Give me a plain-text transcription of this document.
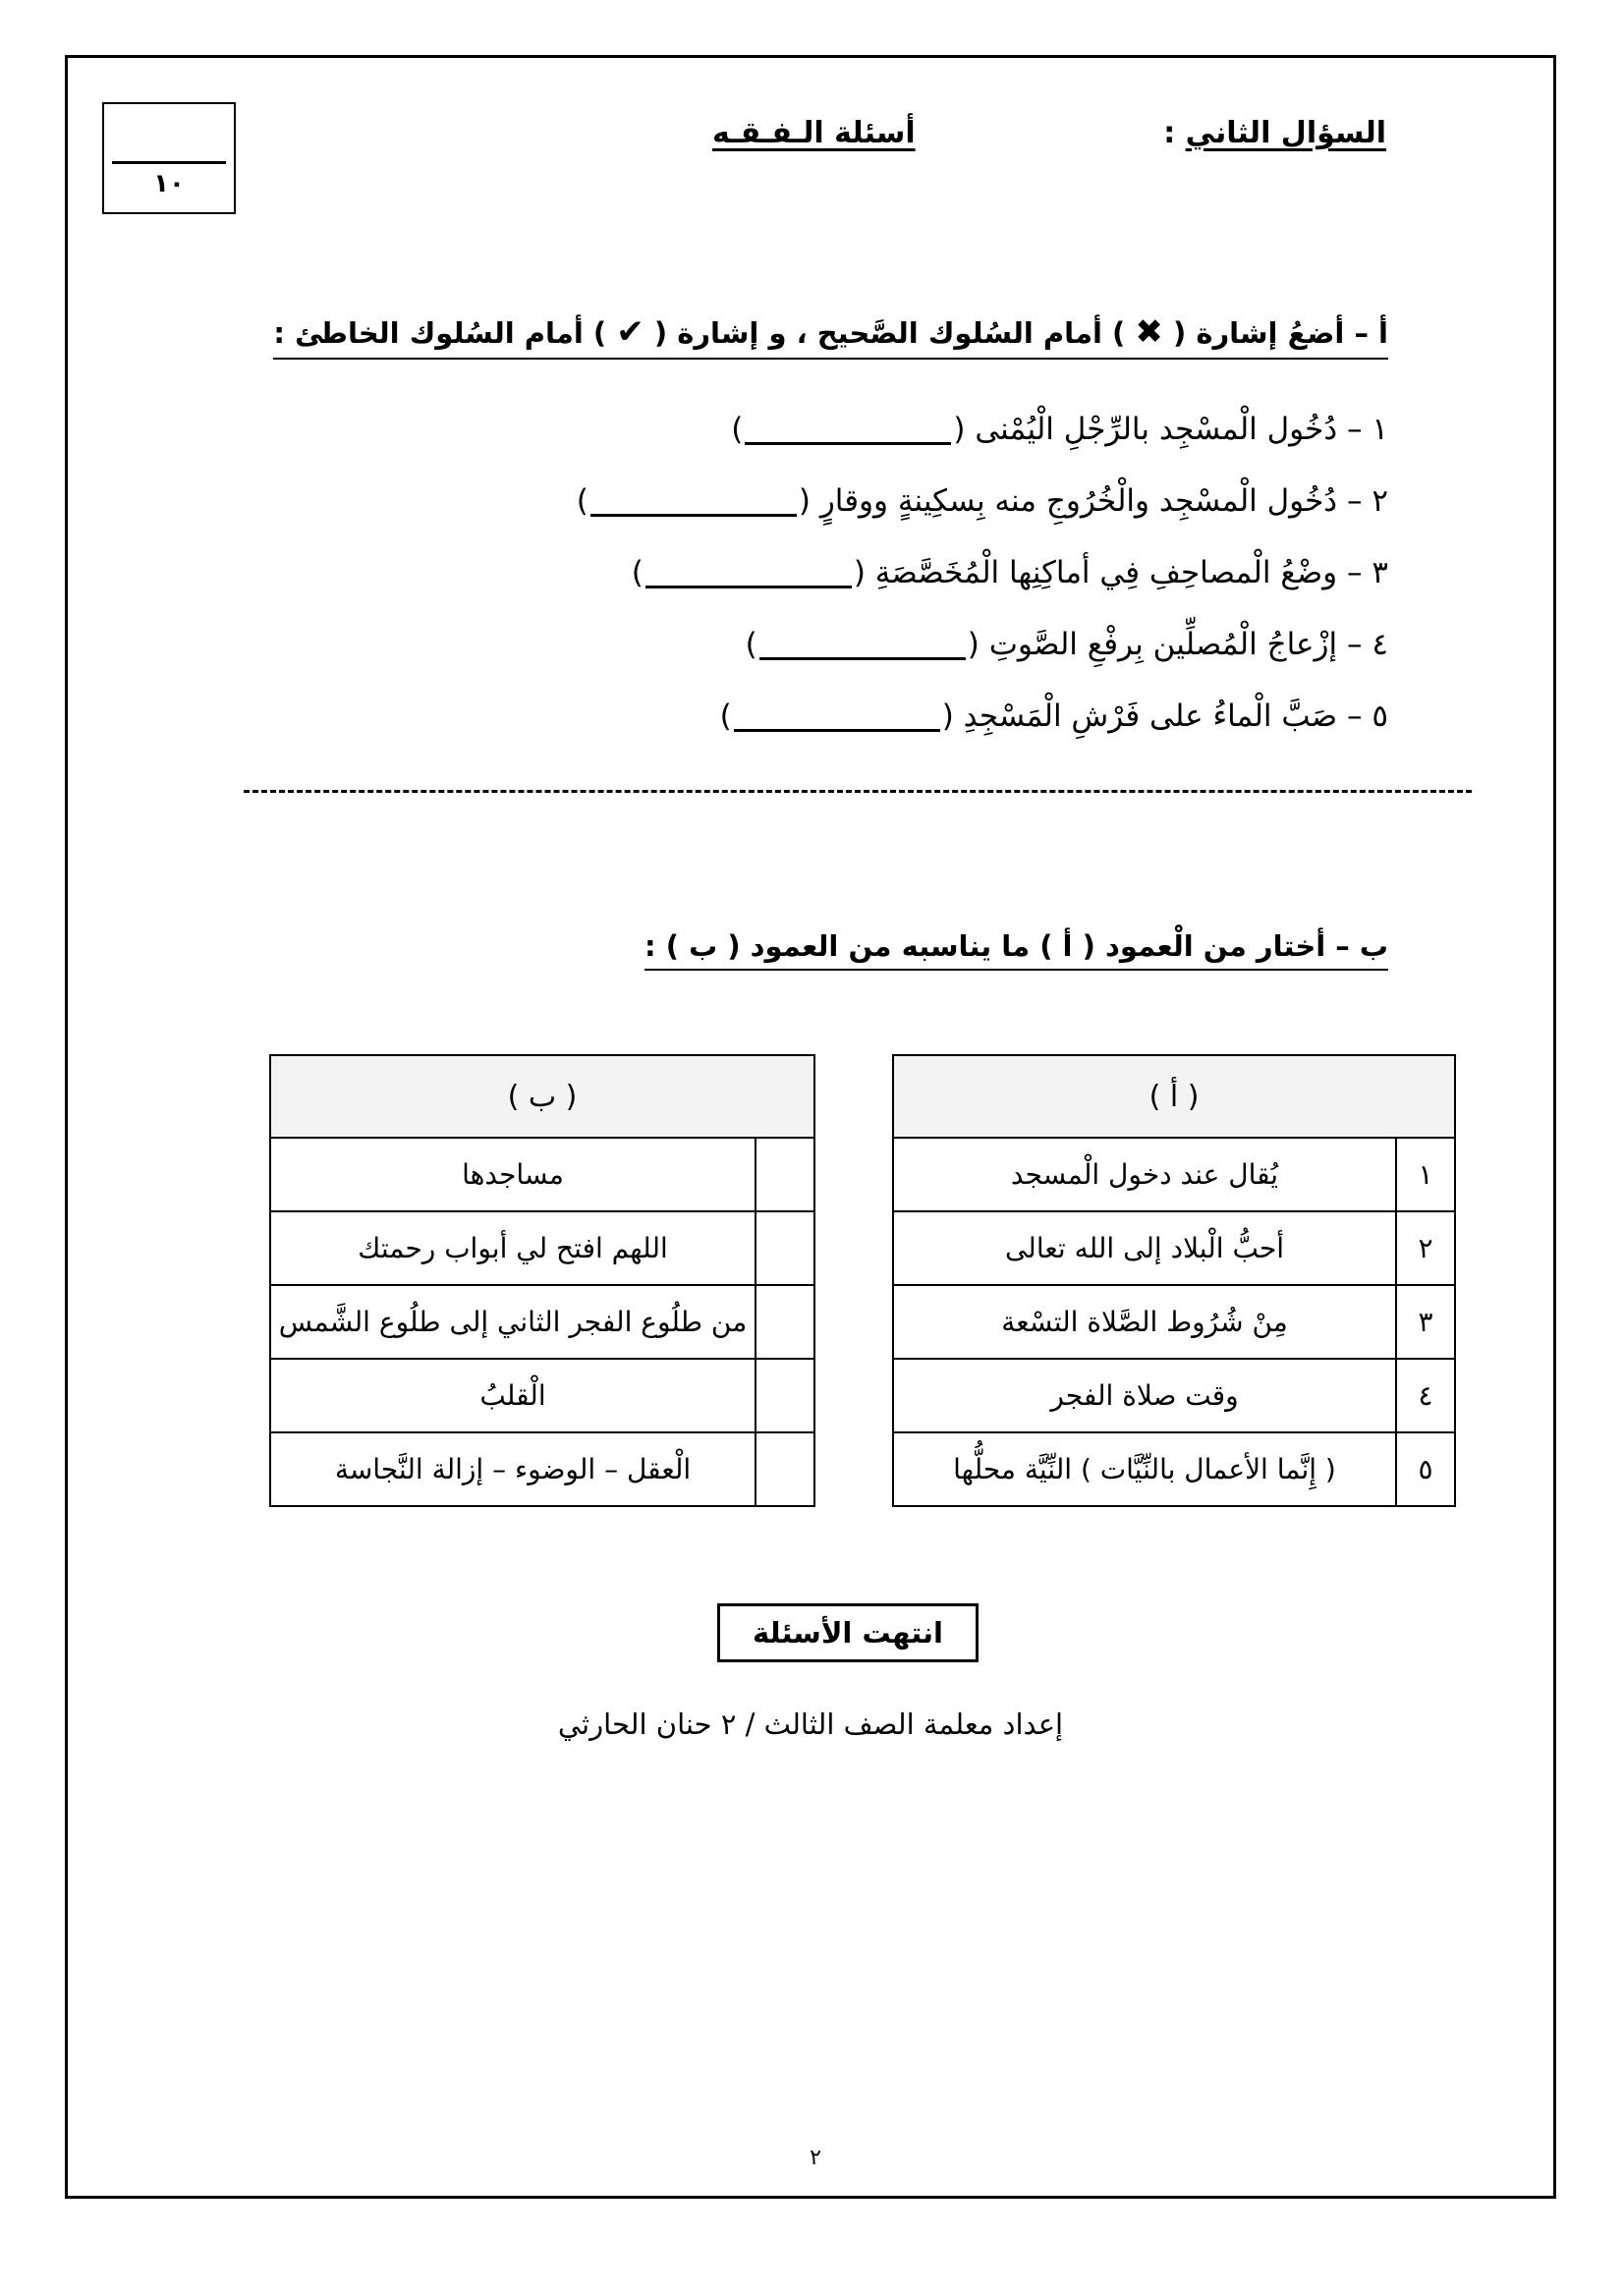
١٠
السؤال الثاني :
أسئلة الـفـقـه
أ – أضعُ إشارة ( ✖ ) أمام السُلوك الصَّحيح ، و إشارة ( ✔ ) أمام السُلوك الخاطئ :
١ – دُخُول الْمسْجِد بالرِّجْلِ الْيُمْنى ()
٢ – دُخُول الْمسْجِد والْخُرُوجِ منه بِسكِينةٍ ووقارٍ ()
٣ – وضْعُ الْمصاحِفِ فِي أماكِنِها الْمُخَصَّصَةِ ()
٤ – إزْعاجُ الْمُصلِّين بِرفْعِ الصَّوتِ ()
٥ – صَبَّ الْماءُ على فَرْشِ الْمَسْجِدِ ()
ب – أختار من الْعمود ( أ ) ما يناسبه من العمود ( ب ) :
( أ )	
١	يُقال عند دخول الْمسجد
٢	أحبُّ الْبلاد إلى الله تعالى
٣	مِنْ شُرُوط الصَّلاة التسْعة
٤	وقت صلاة الفجر
٥	( إِنَّما الأعمال بالنِّيَّات ) النِّيَّة محلُّها
( ب )	
	مساجدها
	اللهم افتح لي أبواب رحمتك
	من طلُوع الفجر الثاني إلى طلُوع الشَّمس
	الْقلبُ
	الْعقل – الوضوء – إزالة النَّجاسة
انتهت الأسئلة
إعداد معلمة الصف الثالث / ٢ حنان الحارثي
٢
